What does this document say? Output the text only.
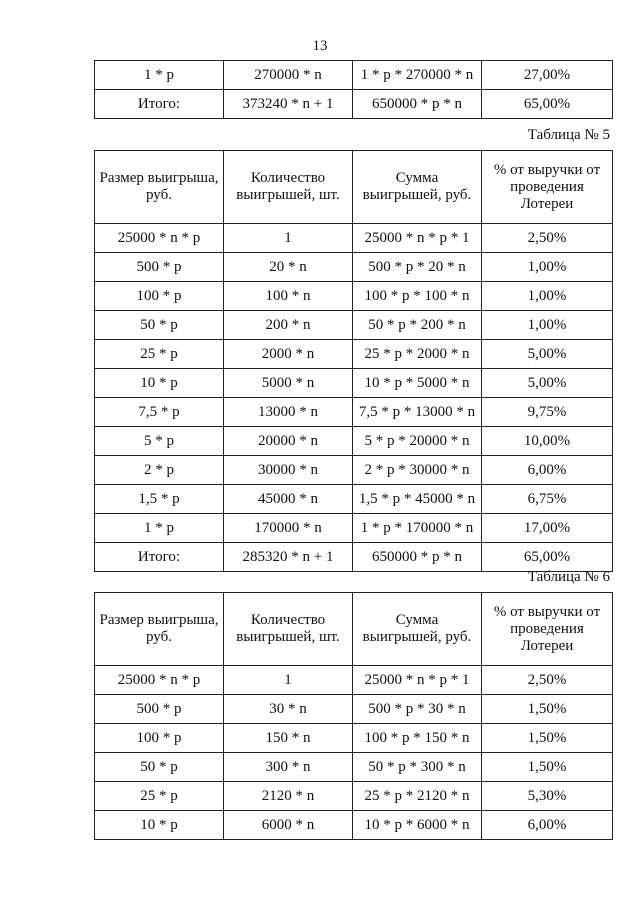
13
1 * p	270000 * n	1 * p * 270000 * n	27,00%
Итого:	373240 * n + 1	650000 * p * n	65,00%
Таблица № 5
Размер выигрыша, руб.	Количество выигрышей, шт.	Сумма выигрышей, руб.	% от выручки от проведения Лотереи
25000 * n * p	1	25000 * n * p * 1	2,50%
500 * p	20 * n	500 * p * 20 * n	1,00%
100 * p	100 * n	100 * p * 100 * n	1,00%
50 * p	200 * n	50 * p * 200 * n	1,00%
25 * p	2000 * n	25 * p * 2000 * n	5,00%
10 * p	5000 * n	10 * p * 5000 * n	5,00%
7,5 * p	13000 * n	7,5 * p * 13000 * n	9,75%
5 * p	20000 * n	5 * p * 20000 * n	10,00%
2 * p	30000 * n	2 * p * 30000 * n	6,00%
1,5 * p	45000 * n	1,5 * p * 45000 * n	6,75%
1 * p	170000 * n	1 * p * 170000 * n	17,00%
Итого:	285320 * n + 1	650000 * p * n	65,00%
Таблица № 6
Размер выигрыша, руб.	Количество выигрышей, шт.	Сумма выигрышей, руб.	% от выручки от проведения Лотереи
25000 * n * p	1	25000 * n * p * 1	2,50%
500 * p	30 * n	500 * p * 30 * n	1,50%
100 * p	150 * n	100 * p * 150 * n	1,50%
50 * p	300 * n	50 * p * 300 * n	1,50%
25 * p	2120 * n	25 * p * 2120 * n	5,30%
10 * p	6000 * n	10 * p * 6000 * n	6,00%
